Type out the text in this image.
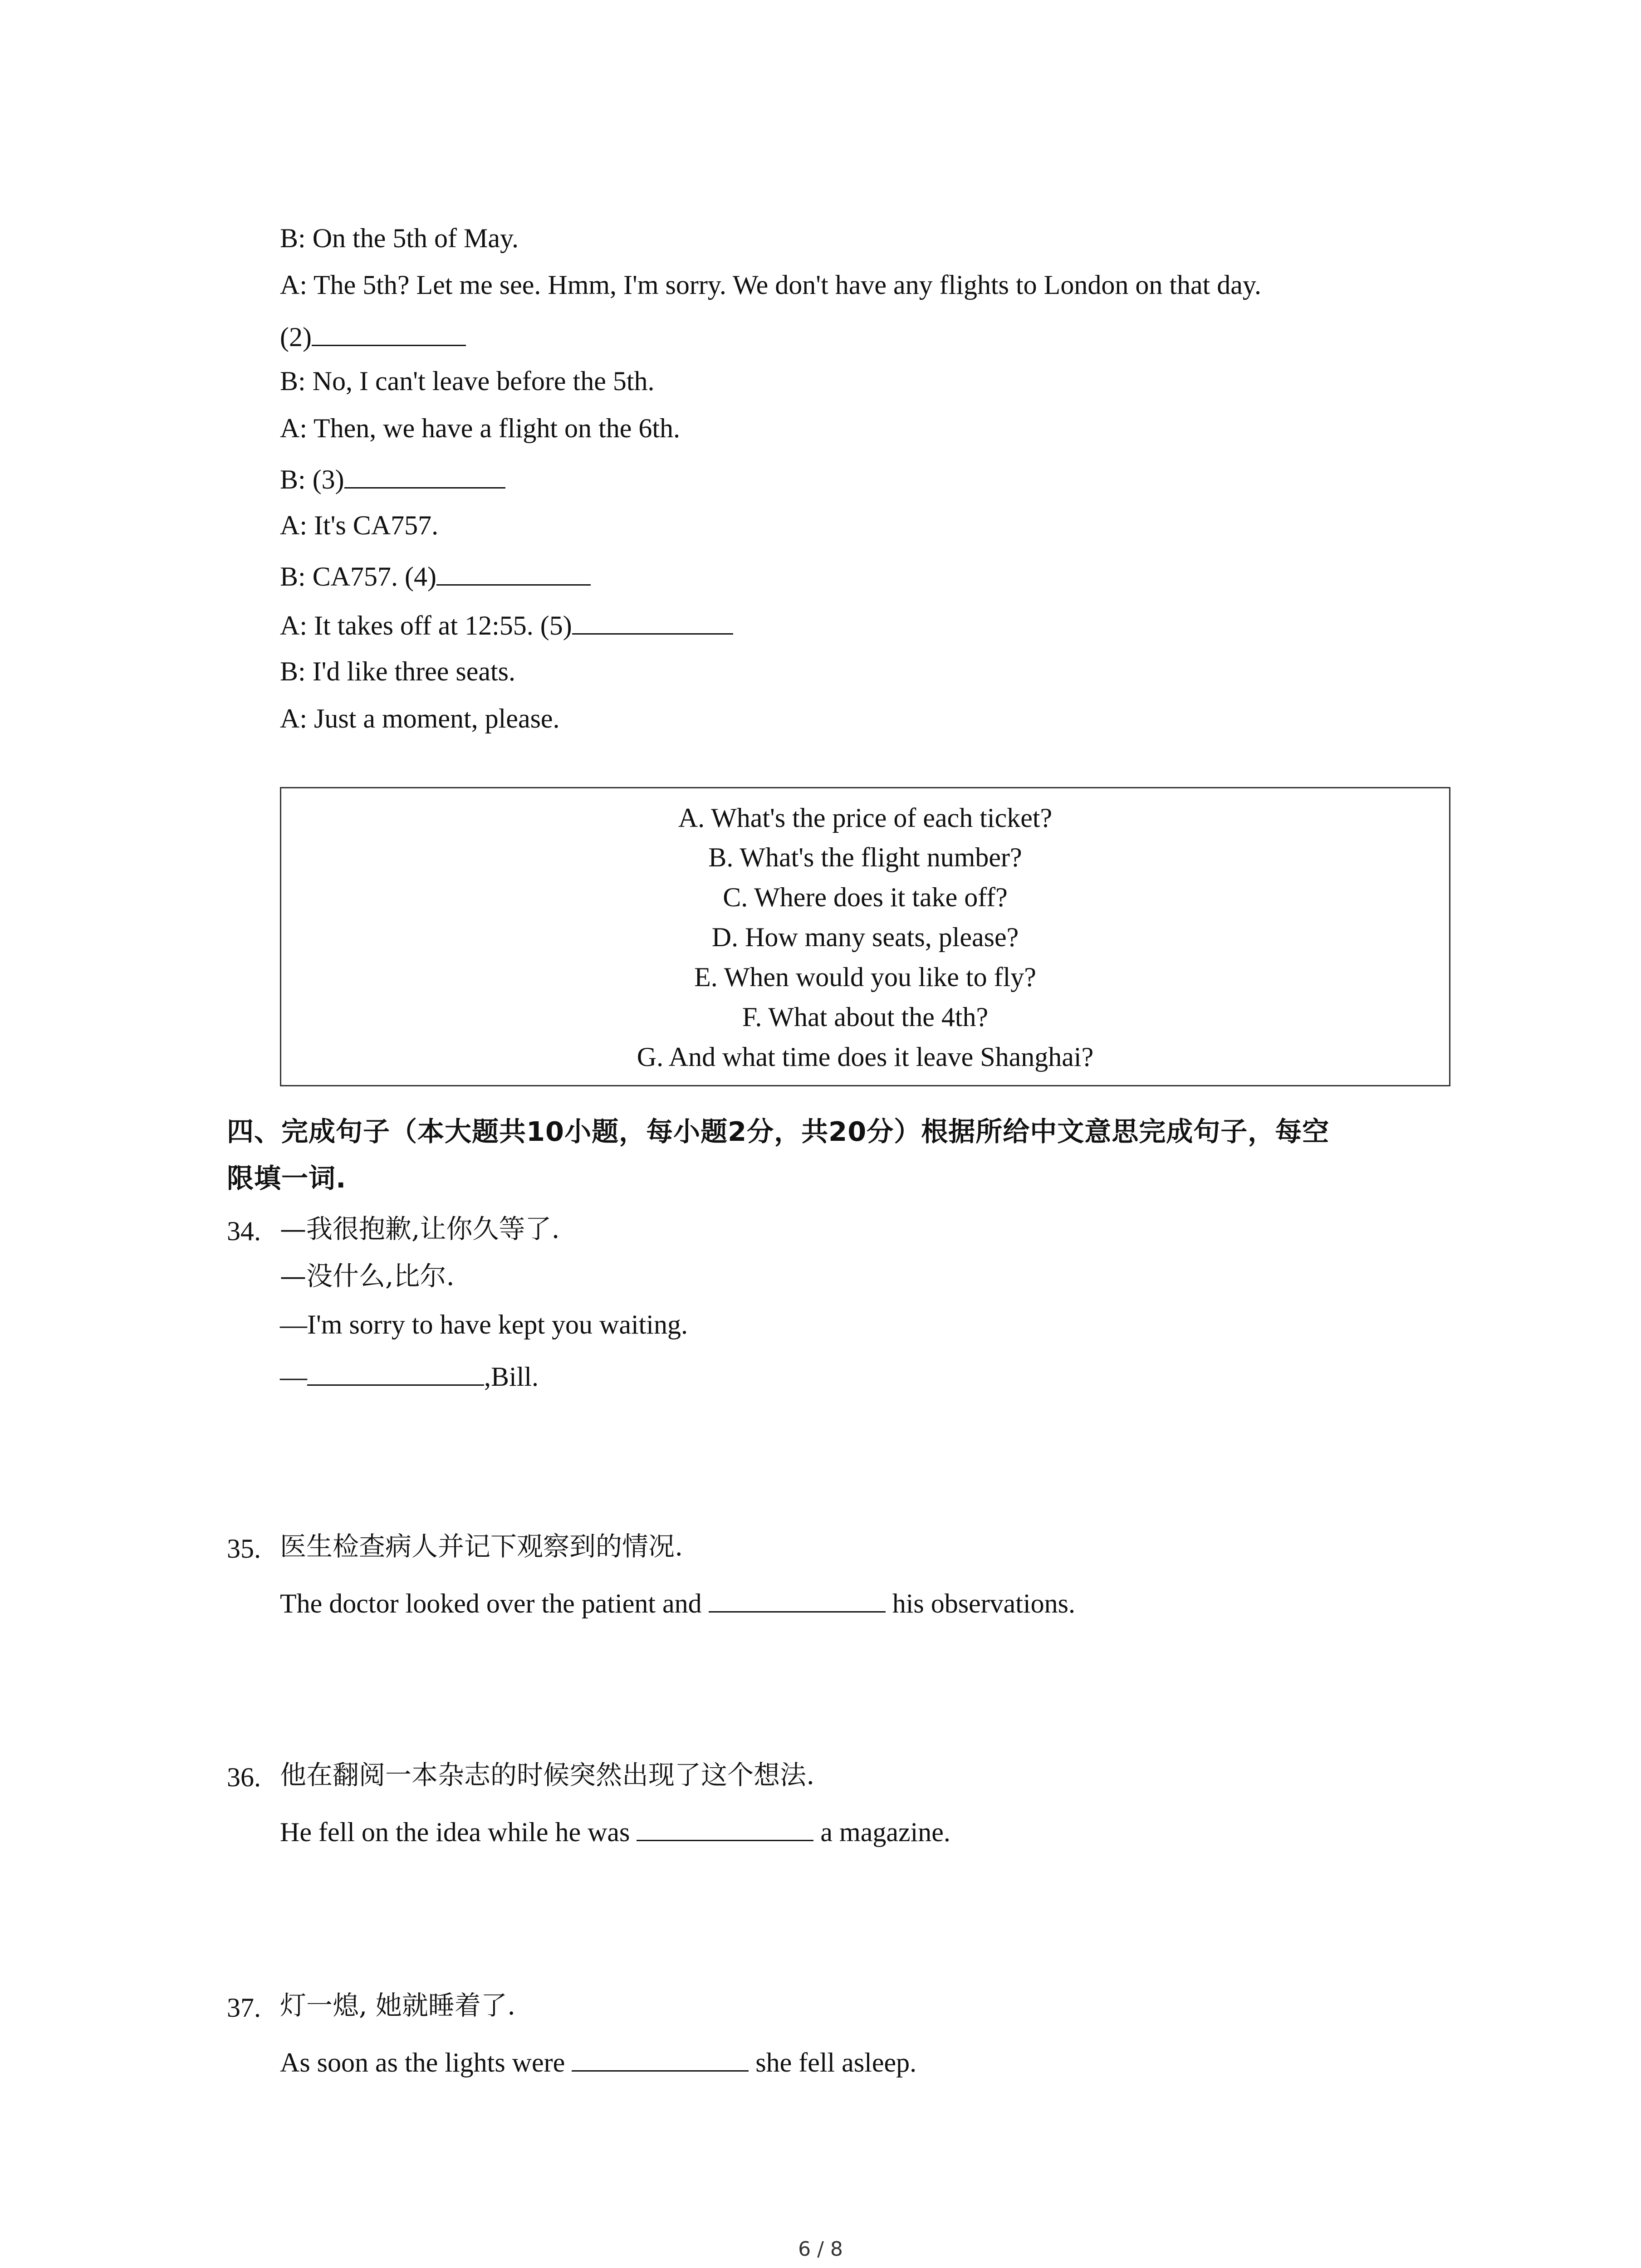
B: On the 5th of May.
A: The 5th? Let me see. Hmm, I'm sorry. We don't have any flights to London on that day.
(2)
B: No, I can't leave before the 5th.
A: Then, we have a flight on the 6th.
B: (3)
A: It's CA757.
B: CA757. (4)
A: It takes off at 12:55. (5)
B: I'd like three seats.
A: Just a moment, please.
A. What's the price of each ticket?
B. What's the flight number?
C. Where does it take off?
D. How many seats, please?
E. When would you like to fly?
F. What about the 4th?
G. And what time does it leave Shanghai?
四、完成句子（本大题共10小题，每小题2分，共20分）根据所给中文意思完成句子，每空
限填一词.
34. —我很抱歉,让你久等了.
—没什么,比尔.
—I'm sorry to have kept you waiting.
—	,Bill.
35. 医生检查病人并记下观察到的情况.
The doctor looked over the patient and	his observations.
36. 他在翻阅一本杂志的时候突然出现了这个想法.
He fell on the idea while he was	a magazine.
37. 灯一熄, 她就睡着了.
As soon as the lights were	she fell asleep.
6 / 8
